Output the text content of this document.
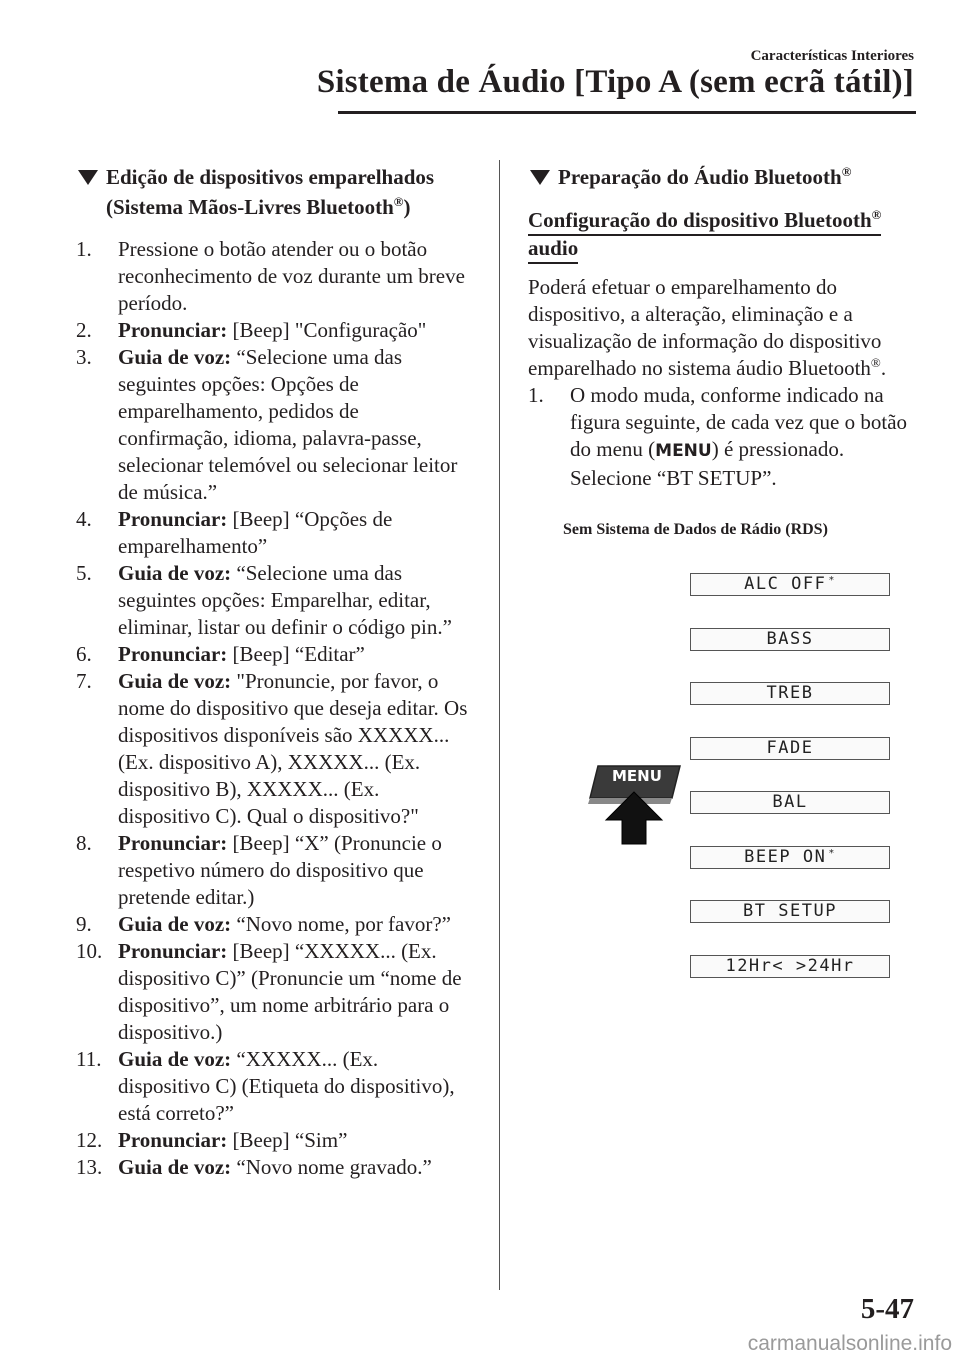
Características Interiores
Sistema de Áudio [Tipo A (sem ecrã tátil)]
Edição de dispositivos emparelhados
(Sistema Mãos-Livres Bluetooth®)
1. Pressione o botão atender ou o botão reconhecimento de voz durante um breve período.
2. Pronunciar: [Beep] "Configuração"
3. Guia de voz: “Selecione uma das seguintes opções: Opções de emparelhamento, pedidos de confirmação, idioma, palavra-passe, selecionar telemóvel ou selecionar leitor de música.”
4. Pronunciar: [Beep] “Opções de emparelhamento”
5. Guia de voz: “Selecione uma das seguintes opções: Emparelhar, editar, eliminar, listar ou definir o código pin.”
6. Pronunciar: [Beep] “Editar”
7. Guia de voz: "Pronuncie, por favor, o nome do dispositivo que deseja editar. Os dispositivos disponíveis são XXXXX... (Ex. dispositivo A), XXXXX... (Ex. dispositivo B), XXXXX... (Ex. dispositivo C). Qual o dispositivo?"
8. Pronunciar: [Beep] “X” (Pronuncie o respetivo número do dispositivo que pretende editar.)
9. Guia de voz: “Novo nome, por favor?”
10. Pronunciar: [Beep] “XXXXX... (Ex. dispositivo C)” (Pronuncie um “nome de dispositivo”, um nome arbitrário para o dispositivo.)
11. Guia de voz: “XXXXX... (Ex. dispositivo C) (Etiqueta do dispositivo), está correto?”
12. Pronunciar: [Beep] “Sim”
13. Guia de voz: “Novo nome gravado.”
Preparação do Áudio Bluetooth®
Configuração do dispositivo Bluetooth®
audio

Poderá efetuar o emparelhamento do dispositivo, a alteração, eliminação e a visualização de informação do dispositivo emparelhado no sistema áudio Bluetooth®.

1. O modo muda, conforme indicado na figura seguinte, de cada vez que o botão do menu (MENU) é pressionado. Selecione “BT SETUP”.
Sem Sistema de Dados de Rádio (RDS)
ALC OFF *
BASS
TREB
FADE
BAL
BEEP ON *
BT SETUP
12Hr< >24Hr
MENU
5-47
carmanualsonline.info
